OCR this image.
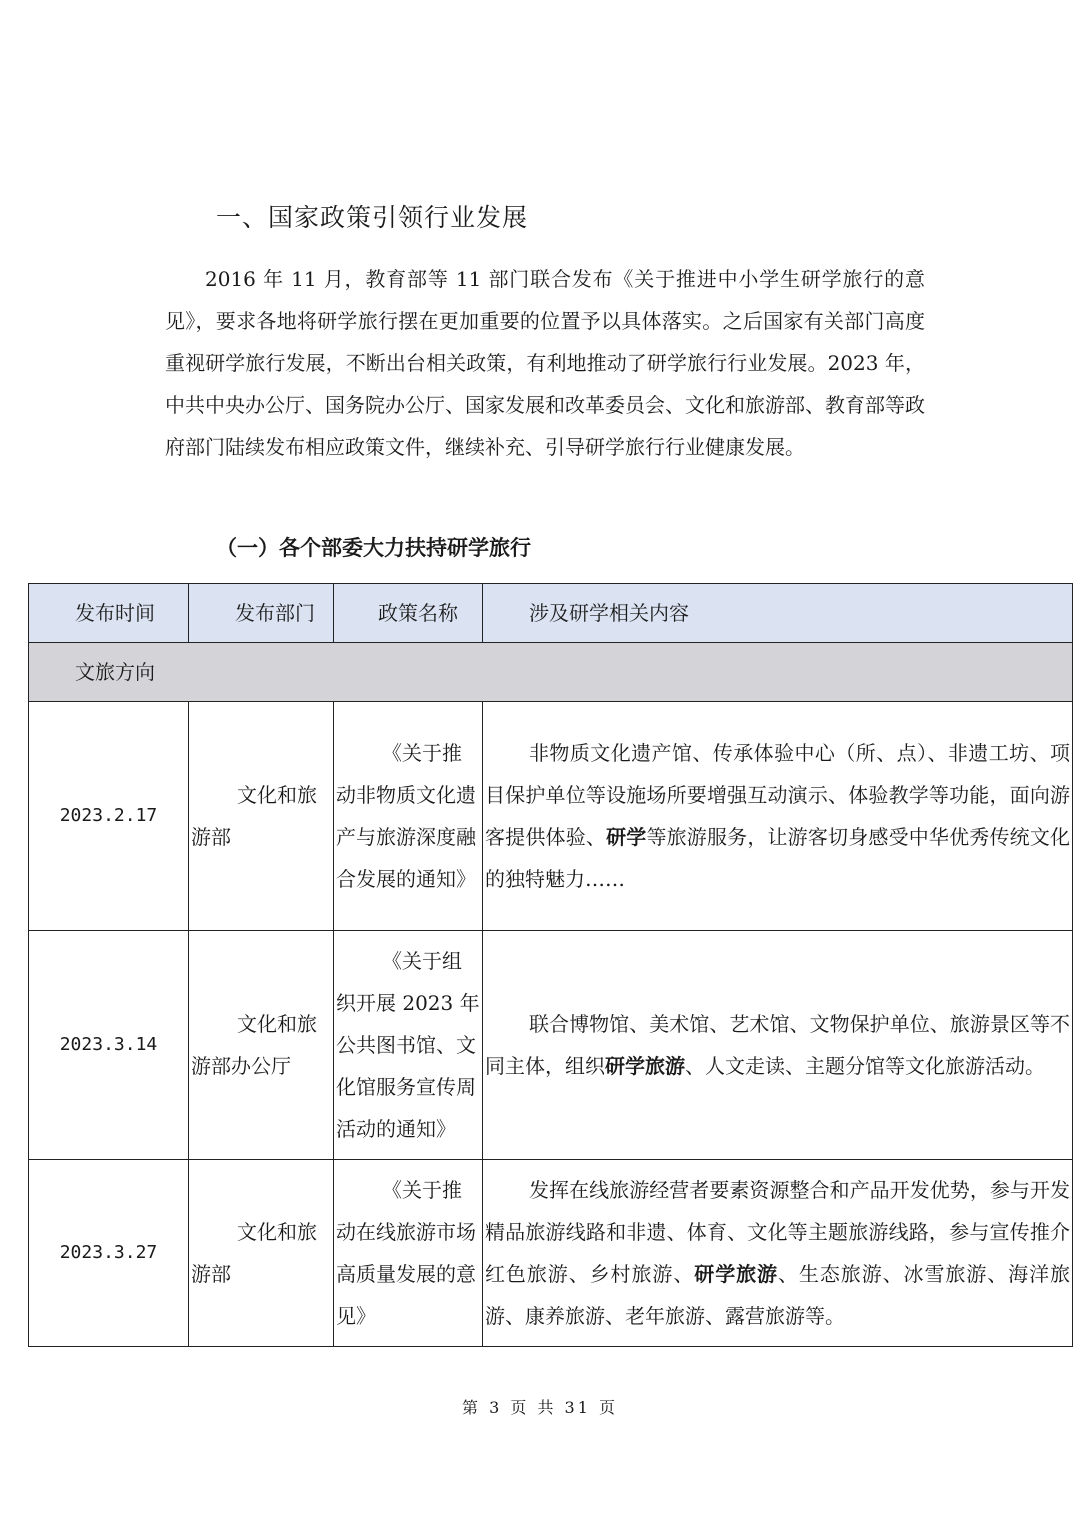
一、国家政策引领行业发展

2016 年 11 月，教育部等 11 部门联合发布《关于推进中小学生研学旅行的意见》，要求各地将研学旅行摆在更加重要的位置予以具体落实。之后国家有关部门高度重视研学旅行发展，不断出台相关政策，有利地推动了研学旅行行业发展。2023 年，中共中央办公厅、国务院办公厅、国家发展和改革委员会、文化和旅游部、教育部等政府部门陆续发布相应政策文件，继续补充、引导研学旅行行业健康发展。

（一）各个部委大力扶持研学旅行
发布时间	发布部门	政策名称	涉及研学相关内容
文旅方向			
2023.2.17	文化和旅游部	《关于推动非物质文化遗产与旅游深度融合发展的通知》	非物质文化遗产馆、传承体验中心（所、点）、非遗工坊、项目保护单位等设施场所要增强互动演示、体验教学等功能，面向游客提供体验、研学等旅游服务，让游客切身感受中华优秀传统文化的独特魅力……
2023.3.14	文化和旅游部办公厅	《关于组织开展 2023 年公共图书馆、文化馆服务宣传周活动的通知》	联合博物馆、美术馆、艺术馆、文物保护单位、旅游景区等不同主体，组织研学旅游、人文走读、主题分馆等文化旅游活动。
2023.3.27	文化和旅游部	《关于推动在线旅游市场高质量发展的意见》	发挥在线旅游经营者要素资源整合和产品开发优势，参与开发精品旅游线路和非遗、体育、文化等主题旅游线路，参与宣传推介红色旅游、乡村旅游、研学旅游、生态旅游、冰雪旅游、海洋旅游、康养旅游、老年旅游、露营旅游等。
第 3 页 共 31 页
